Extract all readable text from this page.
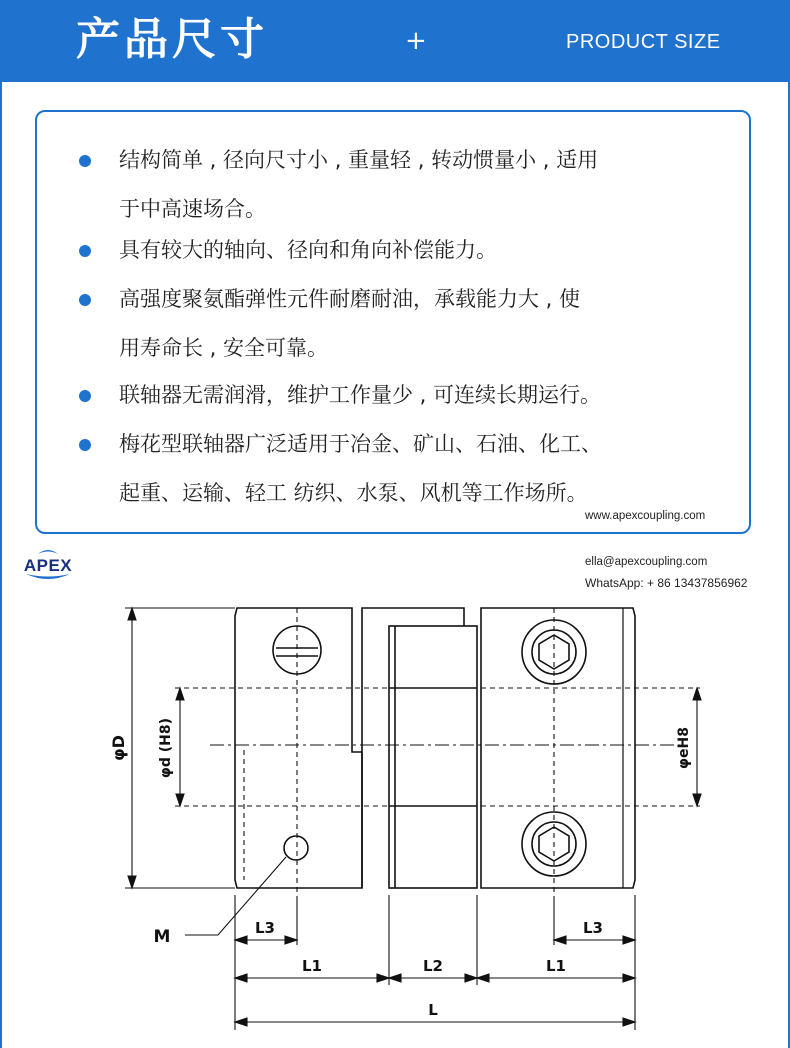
产品尺寸	+	PRODUCT SIZE
结构简单 , 径向尺寸小 , 重量轻 , 转动惯量小 , 适用
于中高速场合。
具有较大的轴向、径向和角向补偿能力。
高强度聚氨酯弹性元件耐磨耐油，承载能力大 , 使
用寿命长 , 安全可靠。
联轴器无需润滑，维护工作量少 , 可连续长期运行。
梅花型联轴器广泛适用于冶金、矿山、石油、化工、
起重、运输、轻工 纺织、水泵、风机等工作场所。
www.apexcoupling.com
APEX	ella@apexcoupling.com
WhatsApp: + 86 13437856962
φD φd (H8)	φeH8
M	L3	L3
L1	L2	L1
L
